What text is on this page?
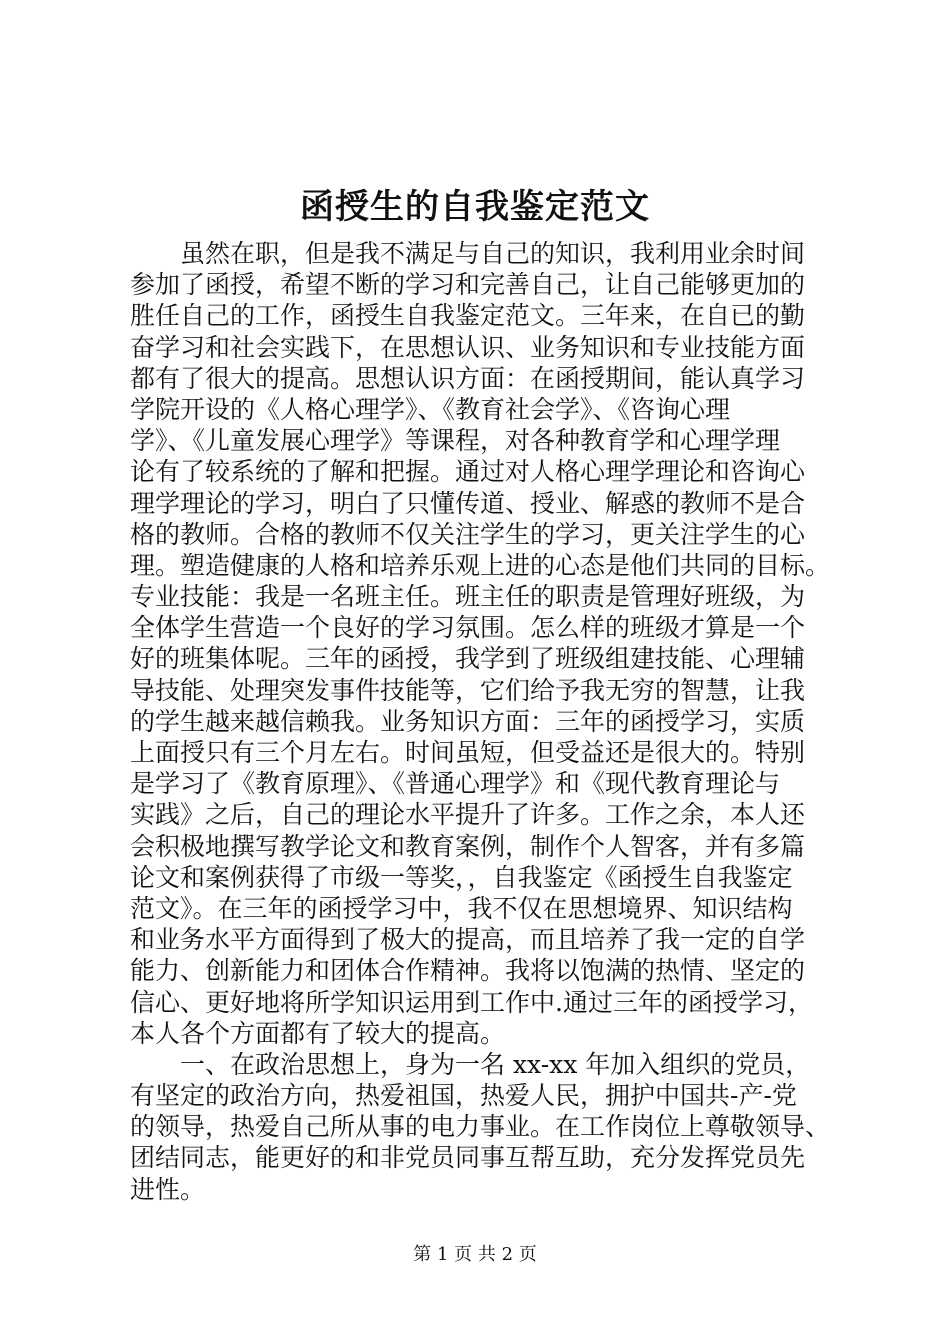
函授生的自我鉴定范文
　　虽然在职，但是我不满足与自己的知识，我利用业余时间
参加了函授，希望不断的学习和完善自己，让自己能够更加的
胜任自己的工作，函授生自我鉴定范文。三年来，在自已的勤
奋学习和社会实践下，在思想认识、业务知识和专业技能方面
都有了很大的提高。思想认识方面：在函授期间，能认真学习
学院开设的《人格心理学》、《教育社会学》、《咨询心理
学》、《儿童发展心理学》等课程，对各种教育学和心理学理
论有了较系统的了解和把握。通过对人格心理学理论和咨询心
理学理论的学习，明白了只懂传道、授业、解惑的教师不是合
格的教师。合格的教师不仅关注学生的学习，更关注学生的心
理。塑造健康的人格和培养乐观上进的心态是他们共同的目标。
专业技能：我是一名班主任。班主任的职责是管理好班级，为
全体学生营造一个良好的学习氛围。怎么样的班级才算是一个
好的班集体呢。三年的函授，我学到了班级组建技能、心理辅
导技能、处理突发事件技能等，它们给予我无穷的智慧，让我
的学生越来越信赖我。业务知识方面：三年的函授学习，实质
上面授只有三个月左右。时间虽短，但受益还是很大的。特别
是学习了《教育原理》、《普通心理学》和《现代教育理论与
实践》之后，自己的理论水平提升了许多。工作之余，本人还
会积极地撰写教学论文和教育案例，制作个人智客，并有多篇
论文和案例获得了市级一等奖，，自我鉴定《函授生自我鉴定
范文》。在三年的函授学习中，我不仅在思想境界、知识结构
和业务水平方面得到了极大的提高，而且培养了我一定的自学
能力、创新能力和团体合作精神。我将以饱满的热情、坚定的
信心、更好地将所学知识运用到工作中.通过三年的函授学习，
本人各个方面都有了较大的提高。
　　一、在政治思想上，身为一名 xx-xx 年加入组织的党员，
有坚定的政治方向，热爱祖国，热爱人民，拥护中国共-产-党
的领导，热爱自己所从事的电力事业。在工作岗位上尊敬领导、
团结同志，能更好的和非党员同事互帮互助，充分发挥党员先
进性。
第 1 页 共 2 页
